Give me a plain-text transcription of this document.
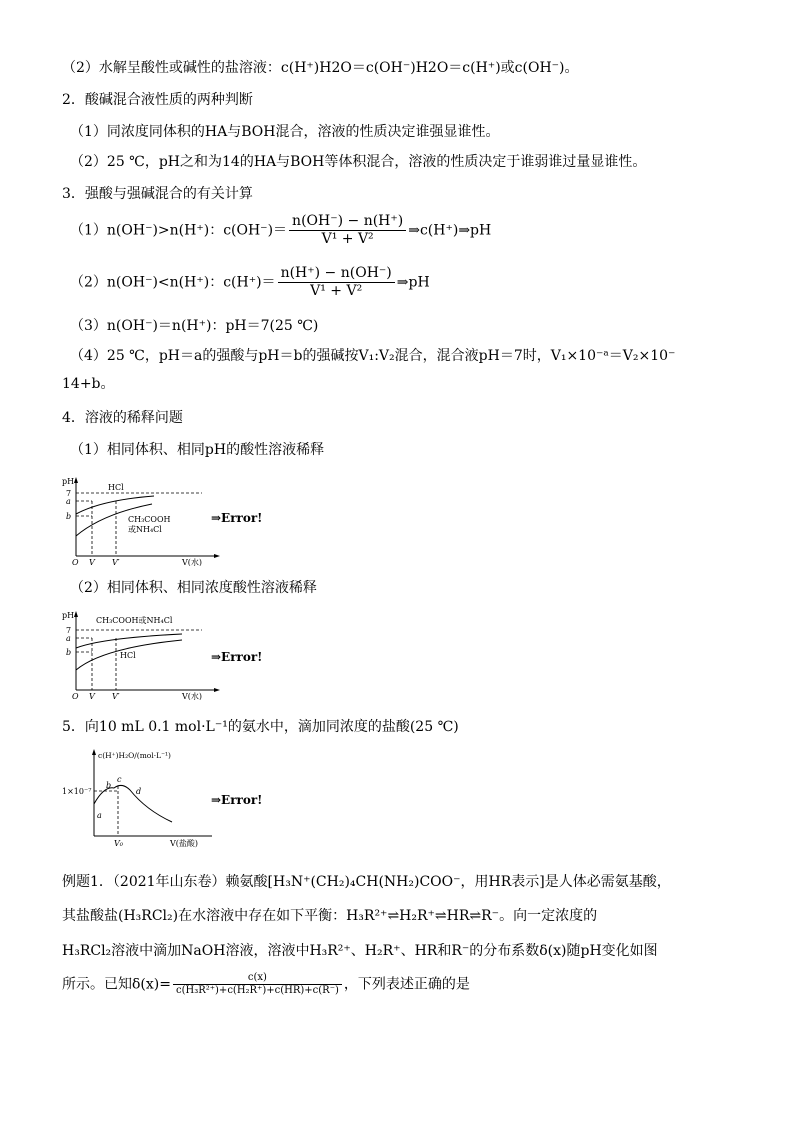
（2）水解呈酸性或碱性的盐溶液：c(H⁺)H2O＝c(OH⁻)H2O＝c(H⁺)或c(OH⁻)。
2．酸碱混合液性质的两种判断
（1）同浓度同体积的HA与BOH混合，溶液的性质决定谁强显谁性。
（2）25 ℃，pH之和为14的HA与BOH等体积混合，溶液的性质决定于谁弱谁过量显谁性。
3．强酸与强碱混合的有关计算
（1）n(OH⁻)>n(H⁺)：$c(OH^-)= \frac{n(OH^-) - n(H^+)}{\text{V¹ + V²}}$ ⇒c(H⁺)⇒pH
（2）n(OH⁻)<n(H⁺)：$c(H^+)= \frac{n(H^+) - n(OH^-)}{\text{V¹ + V²}}$ ⇒pH
（3）n(OH⁻)＝n(H⁺)：pH＝7(25 ℃)
（4）25 ℃，pH＝a的强酸与pH＝b的强碱按V₁:V₂混合，混合液pH＝7时，V₁×10⁻ᵃ＝V₂×10⁻
14+b。
4．溶液的稀释问题
（1）相同体积、相同pH的酸性溶液稀释
pH
7
a
b
O V V′	V(水)
HCl
CH₃COOH
或NH₄Cl
⇒Error!
（2）相同体积、相同浓度酸性溶液稀释
pH
7
a
b
O V V′	V(水)
CH₃COOH或NH₄Cl
HCl	⇒Error!
5．向10 mL 0.1 mol·L⁻¹的氨水中，滴加同浓度的盐酸(25 ℃)
c(H⁺)H₂O/(mol·L⁻¹)
1×10⁻⁷
a
b
c
d
V₀	V(盐酸)
⇒Error!
例题1．（2021年山东卷）赖氨酸[H₃N⁺(CH₂)₄CH(NH₂)COO⁻，用HR表示]是人体必需氨基酸，
其盐酸盐(H₃RCl₂)在水溶液中存在如下平衡：H₃R²⁺⇌H₂R⁺⇌HR⇌R⁻。向一定浓度的
H₃RCl₂溶液中滴加NaOH溶液，溶液中H₃R²⁺、H₂R⁺、HR和R⁻的分布系数δ(x)随pH变化如图
所示。已知$\delta(x)= \frac{c(x)}{\text{c(H₃R²⁺)+c(H₂R⁺)+c(HR)+c(R⁻)}}$ ，下列表述正确的是
